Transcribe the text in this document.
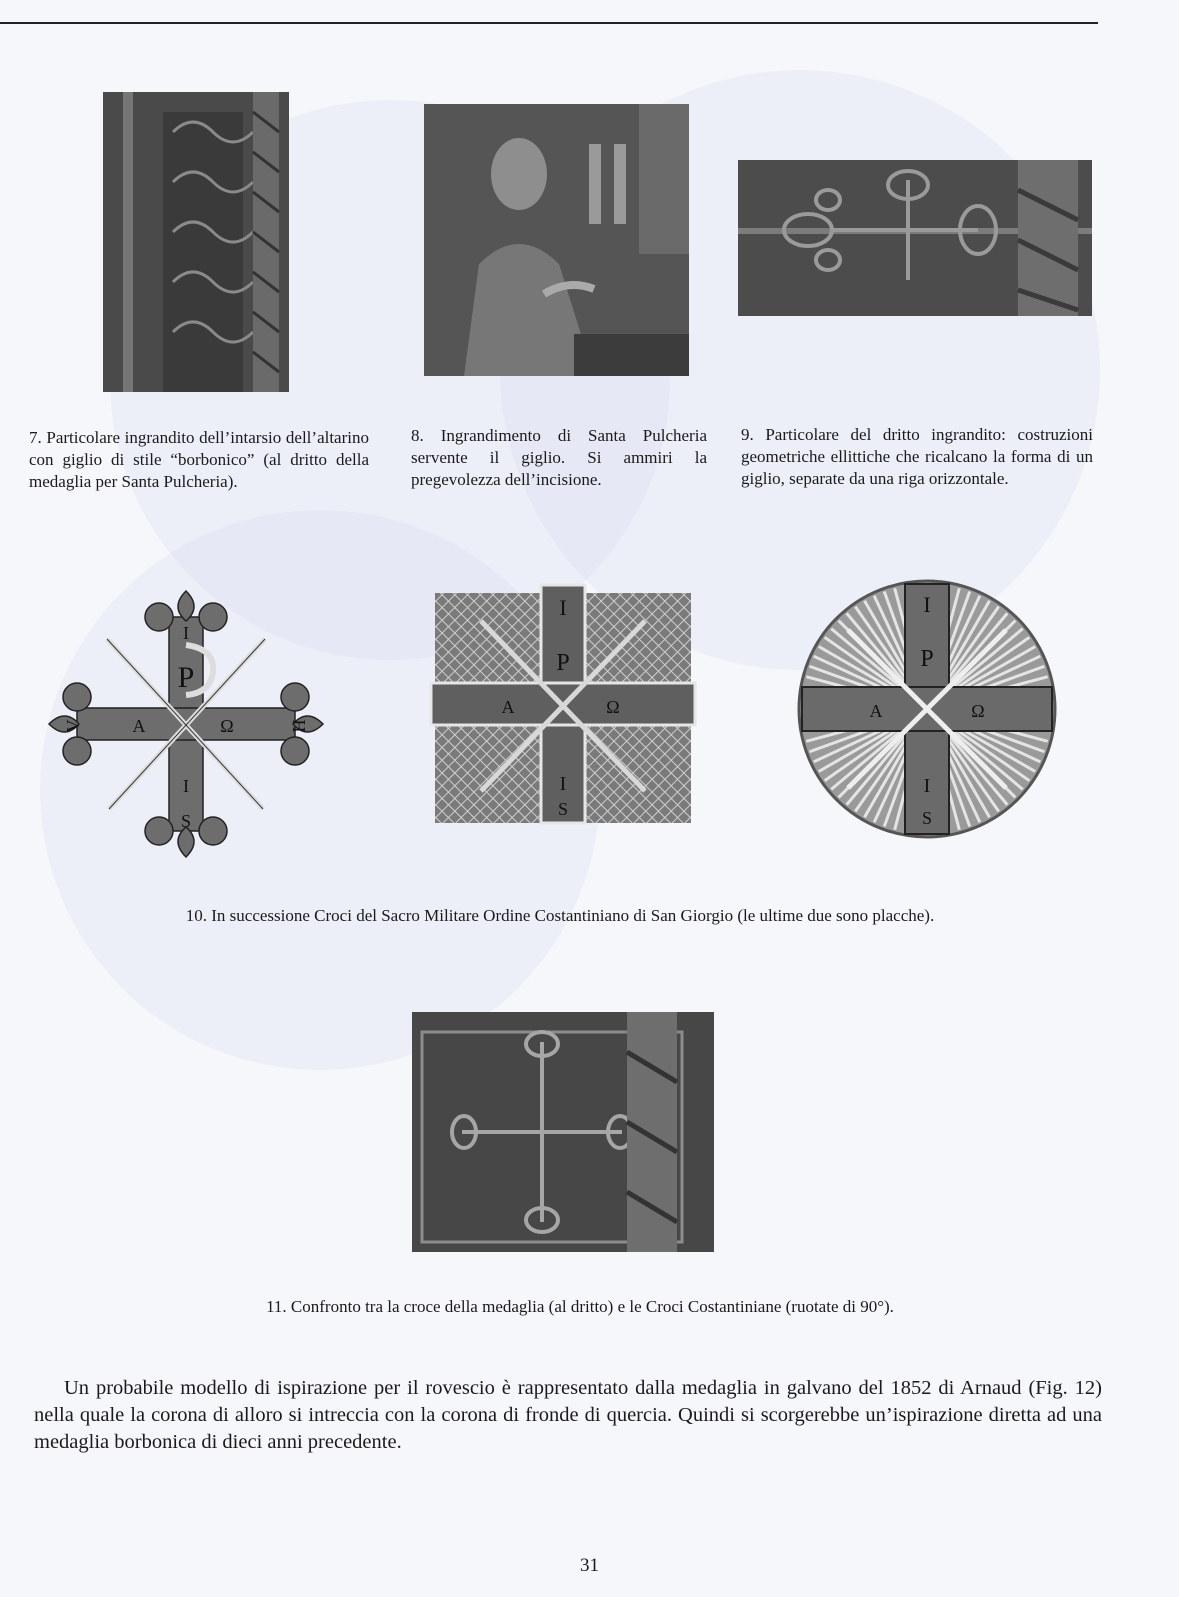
7. Particolare ingrandito dell’intarsio dell’altarino con giglio di stile “borbonico” (al dritto della medaglia per Santa Pulcheria).

8. Ingrandimento di Santa Pulcheria servente il giglio. Si ammiri la pregevolezza dell’incisione.

9. Particolare del dritto ingrandito: costruzioni geometriche ellittiche che ricalcano la forma di un giglio, separate da una riga orizzontale.

I
P
A	Ω
V	H
I
S
I
P
A	Ω
I
S
I
P
A	Ω
I
S

10. In successione Croci del Sacro Militare Ordine Costantiniano di San Giorgio (le ultime due sono placche).

11. Confronto tra la croce della medaglia (al dritto) e le Croci Costantiniane (ruotate di 90°).

Un probabile modello di ispirazione per il rovescio è rappresentato dalla medaglia in galvano del 1852 di Arnaud (Fig. 12) nella quale la corona di alloro si intreccia con la corona di fronde di quercia. Quindi si scorgerebbe un’ispirazione diretta ad una medaglia borbonica di dieci anni precedente.

31
